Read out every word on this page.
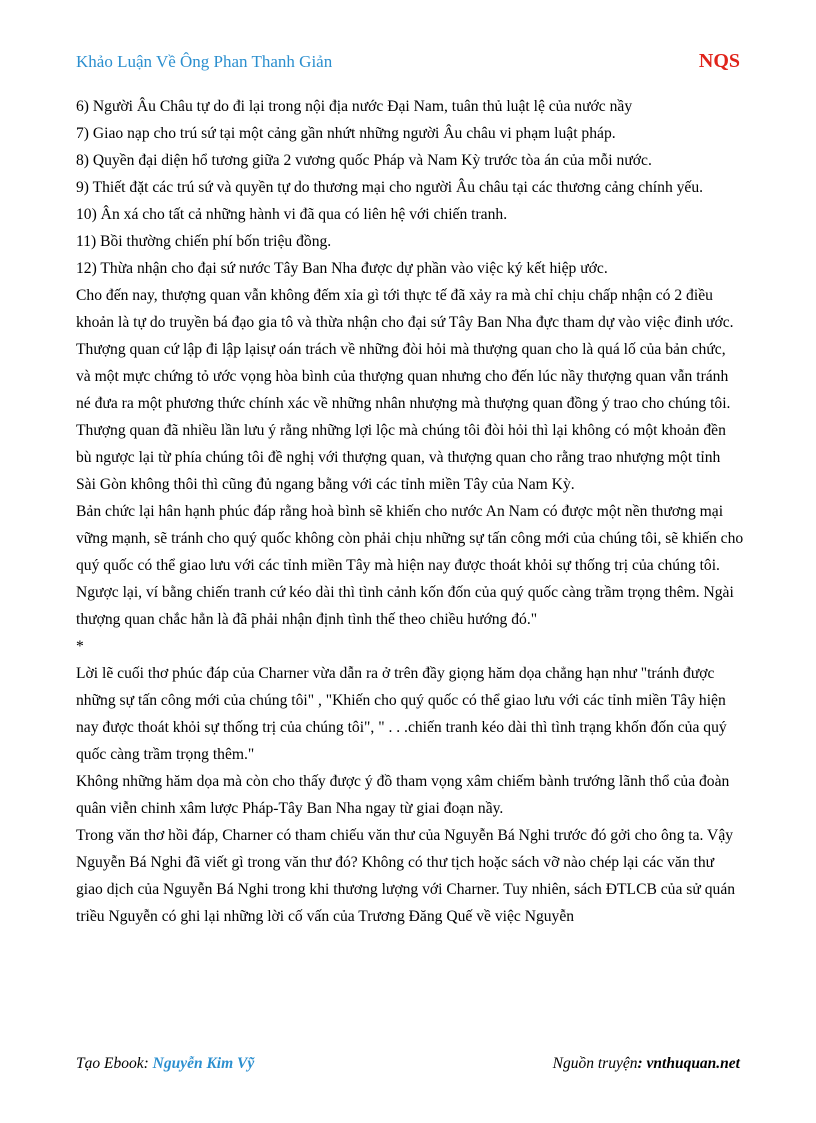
Khảo Luận Về Ông Phan Thanh Giản	NQS

6) Người Âu Châu tự do đi lại trong nội địa nước Đại Nam, tuân thủ luật lệ của nước nầy

7) Giao nạp cho trú sứ tại một cảng gần nhứt những người Âu châu vi phạm luật pháp.

8) Quyền đại diện hổ tương giữa 2 vương quốc Pháp và Nam Kỳ trước tòa án của mỗi nước.

9) Thiết đặt các trú sứ và quyền tự do thương mại cho người Âu châu tại các thương cảng chính yếu.

10) Ân xá cho tất cả những hành vi đã qua có liên hệ với chiến tranh.

11) Bồi thường chiến phí bốn triệu đồng.

12) Thừa nhận cho đại sứ nước Tây Ban Nha được dự phần vào việc ký kết hiệp ước.

Cho đến nay, thượng quan vẫn không đếm xỉa gì tới thực tế đã xảy ra mà chỉ chịu chấp nhận có 2 điều khoản là tự do truyền bá đạo gia tô và thừa nhận cho đại sứ Tây Ban Nha đực tham dự vào việc đinh ước.

Thượng quan cứ lập đi lập lạisự oán trách về những đòi hỏi mà thượng quan cho là quá lố của bản chức, và một mực chứng tỏ ước vọng hòa bình của thượng quan nhưng cho đến lúc nầy thượng quan vẫn tránh né đưa ra một phương thức chính xác về những nhân nhượng mà thượng quan đồng ý trao cho chúng tôi.

Thượng quan đã nhiều lần lưu ý rằng những lợi lộc mà chúng tôi đòi hỏi thì lại không có một khoản đền bù ngược lại từ phía chúng tôi đề nghị với thượng quan, và thượng quan cho rằng trao nhượng một tỉnh Sài Gòn không thôi thì cũng đủ ngang bằng với các tỉnh miền Tây của Nam Kỳ.

Bản chức lại hân hạnh phúc đáp rằng hoà bình sẽ khiến cho nước An Nam có được một nền thương mại vững mạnh, sẽ tránh cho quý quốc không còn phải chịu những sự tấn công mới của chúng tôi, sẽ khiến cho quý quốc có thể giao lưu với các tỉnh miền Tây mà hiện nay được thoát khỏi sự thống trị của chúng tôi.

Ngược lại, ví bằng chiến tranh cứ kéo dài thì tình cảnh kốn đốn của quý quốc càng trầm trọng thêm. Ngài thượng quan chắc hẳn là đã phải nhận định tình thế theo chiều hướng đó."

*

Lời lẽ cuối thơ phúc đáp của Charner vừa dẫn ra ở trên đầy giọng hăm dọa chẳng hạn như "tránh được những sự tấn công mới của chúng tôi" , "Khiến cho quý quốc có thể giao lưu với các tỉnh miền Tây hiện nay được thoát khỏi sự thống trị của chúng tôi", " . . .chiến tranh kéo dài thì tình trạng khốn đốn của quý quốc càng trầm trọng thêm."

Không những hăm dọa mà còn cho thấy được ý đồ tham vọng xâm chiếm bành trướng lãnh thổ của đoàn quân viễn chinh xâm lược Pháp-Tây Ban Nha ngay từ giai đoạn nầy.

Trong văn thơ hồi đáp, Charner có tham chiếu văn thư của Nguyễn Bá Nghi trước đó gởi cho ông ta. Vậy Nguyễn Bá Nghi đã viết gì trong văn thư đó? Không có thư tịch hoặc sách vỡ nào chép lại các văn thư giao dịch của Nguyễn Bá Nghi trong khi thương lượng với Charner. Tuy nhiên, sách ĐTLCB của sử quán triều Nguyễn có ghi lại những lời cố vấn của Trương Đăng Quế về việc Nguyễn

Tạo Ebook: Nguyễn Kim Vỹ	Nguồn truyện: vnthuquan.net
